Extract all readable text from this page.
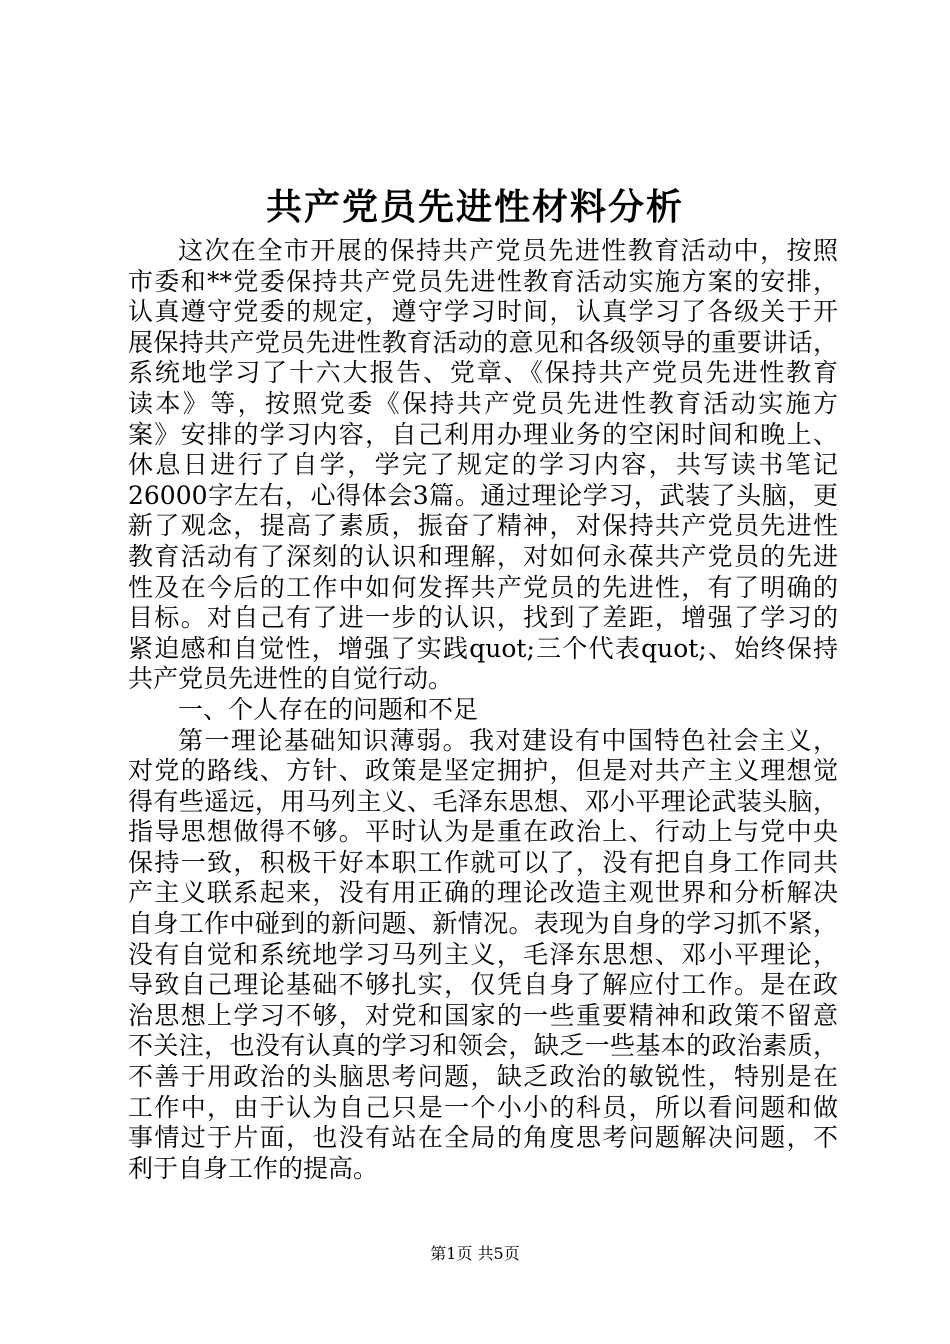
共产党员先进性材料分析
这次在全市开展的保持共产党员先进性教育活动中，按照
市委和**党委保持共产党员先进性教育活动实施方案的安排，
认真遵守党委的规定，遵守学习时间，认真学习了各级关于开
展保持共产党员先进性教育活动的意见和各级领导的重要讲话，
系统地学习了十六大报告、党章、《保持共产党员先进性教育
读本》等，按照党委《保持共产党员先进性教育活动实施方
案》安排的学习内容，自己利用办理业务的空闲时间和晚上、
休息日进行了自学，学完了规定的学习内容，共写读书笔记
26000字左右，心得体会3篇。通过理论学习，武装了头脑，更
新了观念，提高了素质，振奋了精神，对保持共产党员先进性
教育活动有了深刻的认识和理解，对如何永葆共产党员的先进
性及在今后的工作中如何发挥共产党员的先进性，有了明确的
目标。对自己有了进一步的认识，找到了差距，增强了学习的
紧迫感和自觉性，增强了实践quot;三个代表quot;、始终保持
共产党员先进性的自觉行动。
一、个人存在的问题和不足
第一理论基础知识薄弱。我对建设有中国特色社会主义，
对党的路线、方针、政策是坚定拥护，但是对共产主义理想觉
得有些遥远，用马列主义、毛泽东思想、邓小平理论武装头脑，
指导思想做得不够。平时认为是重在政治上、行动上与党中央
保持一致，积极干好本职工作就可以了，没有把自身工作同共
产主义联系起来，没有用正确的理论改造主观世界和分析解决
自身工作中碰到的新问题、新情况。表现为自身的学习抓不紧，
没有自觉和系统地学习马列主义，毛泽东思想、邓小平理论，
导致自己理论基础不够扎实，仅凭自身了解应付工作。是在政
治思想上学习不够，对党和国家的一些重要精神和政策不留意
不关注，也没有认真的学习和领会，缺乏一些基本的政治素质，
不善于用政治的头脑思考问题，缺乏政治的敏锐性，特别是在
工作中，由于认为自己只是一个小小的科员，所以看问题和做
事情过于片面，也没有站在全局的角度思考问题解决问题，不
利于自身工作的提高。
第1页 共5页
